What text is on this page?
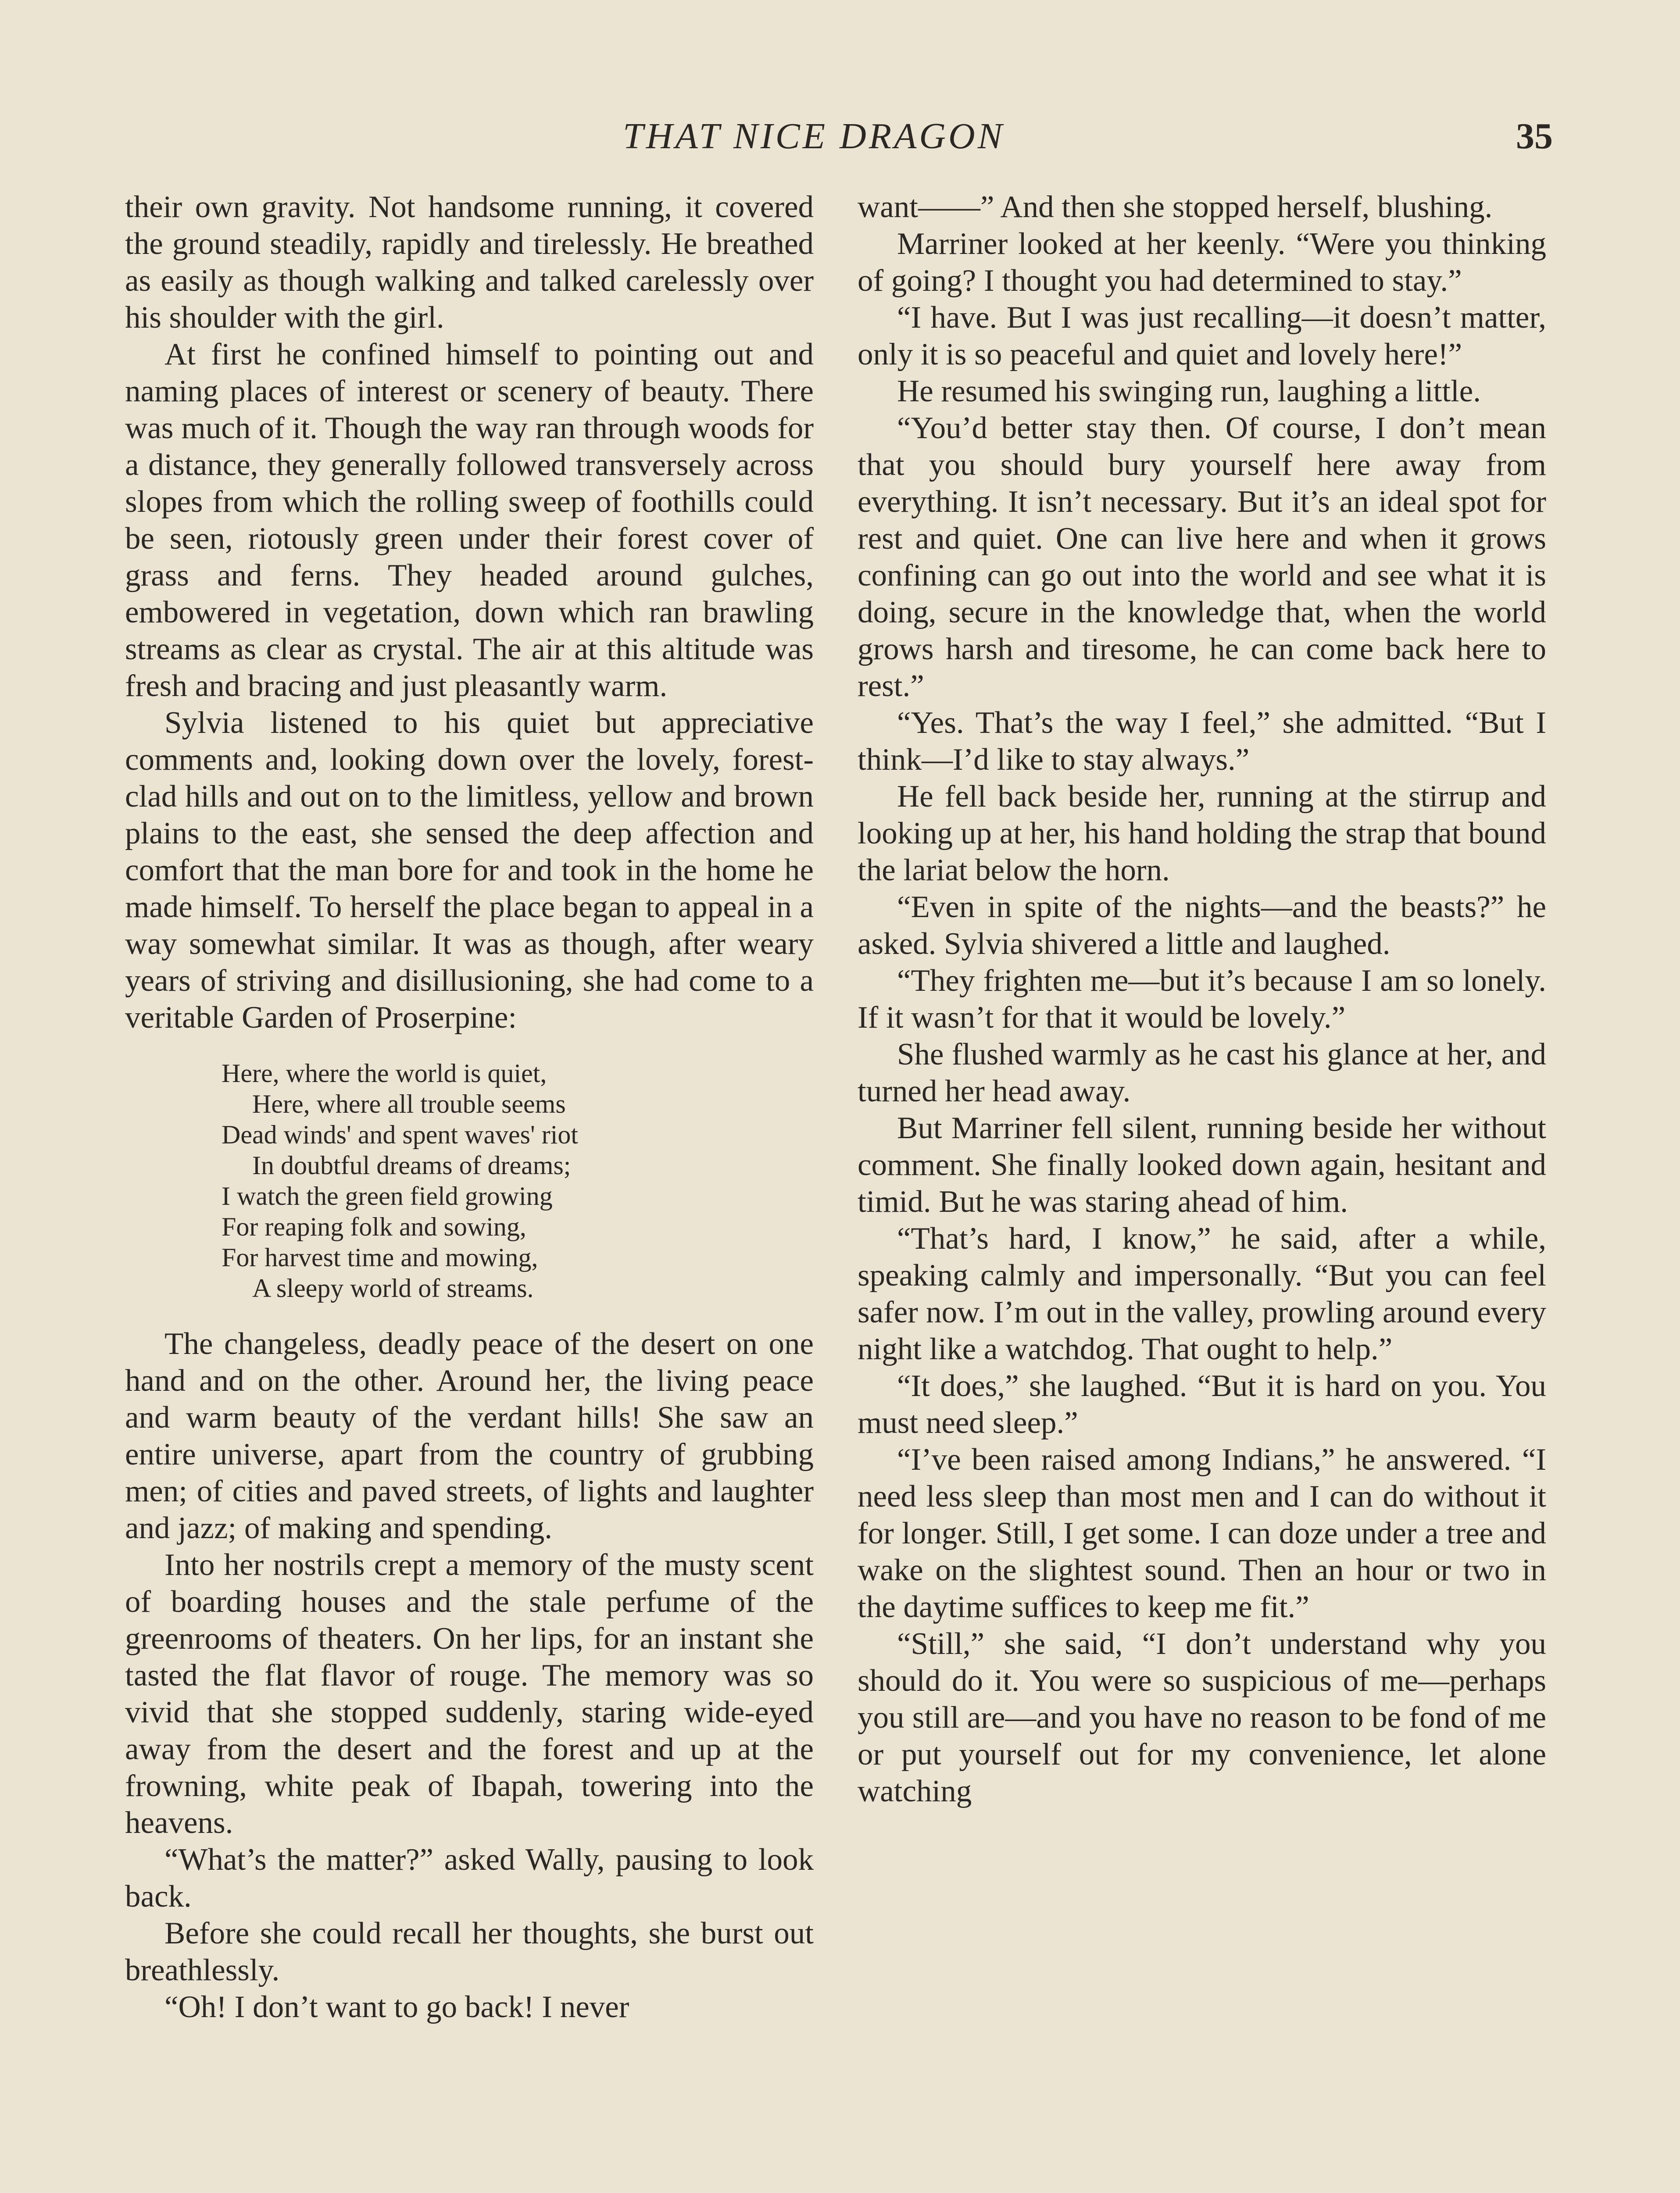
THAT NICE DRAGON	35

their own gravity. Not handsome running, it covered the ground steadily, rapidly and tirelessly. He breathed as easily as though walking and talked carelessly over his shoulder with the girl.

At first he confined himself to pointing out and naming places of interest or scenery of beauty. There was much of it. Though the way ran through woods for a distance, they generally followed transversely across slopes from which the rolling sweep of foothills could be seen, riotously green under their forest cover of grass and ferns. They headed around gulches, embowered in vegetation, down which ran brawling streams as clear as crystal. The air at this altitude was fresh and bracing and just pleasantly warm.

Sylvia listened to his quiet but appreciative comments and, looking down over the lovely, forest-clad hills and out on to the limitless, yellow and brown plains to the east, she sensed the deep affection and comfort that the man bore for and took in the home he made himself. To herself the place began to appeal in a way somewhat similar. It was as though, after weary years of striving and disillusioning, she had come to a veritable Garden of Proserpine:

Here, where the world is quiet,
Here, where all trouble seems
Dead winds' and spent waves' riot
In doubtful dreams of dreams;
I watch the green field growing
For reaping folk and sowing,
For harvest time and mowing,
A sleepy world of streams.

The changeless, deadly peace of the desert on one hand and on the other. Around her, the living peace and warm beauty of the verdant hills! She saw an entire universe, apart from the country of grubbing men; of cities and paved streets, of lights and laughter and jazz; of making and spending.

Into her nostrils crept a memory of the musty scent of boarding houses and the stale perfume of the greenrooms of theaters. On her lips, for an instant she tasted the flat flavor of rouge. The memory was so vivid that she stopped suddenly, staring wide-eyed away from the desert and the forest and up at the frowning, white peak of Ibapah, towering into the heavens.

“What’s the matter?” asked Wally, pausing to look back.

Before she could recall her thoughts, she burst out breathlessly.

“Oh! I don’t want to go back! I never

want——” And then she stopped herself, blushing.

Marriner looked at her keenly. “Were you thinking of going? I thought you had determined to stay.”

“I have. But I was just recalling—it doesn’t matter, only it is so peaceful and quiet and lovely here!”

He resumed his swinging run, laughing a little.

“You’d better stay then. Of course, I don’t mean that you should bury yourself here away from everything. It isn’t necessary. But it’s an ideal spot for rest and quiet. One can live here and when it grows confining can go out into the world and see what it is doing, secure in the knowledge that, when the world grows harsh and tiresome, he can come back here to rest.”

“Yes. That’s the way I feel,” she admitted. “But I think—I’d like to stay always.”

He fell back beside her, running at the stirrup and looking up at her, his hand holding the strap that bound the lariat below the horn.

“Even in spite of the nights—and the beasts?” he asked. Sylvia shivered a little and laughed.

“They frighten me—but it’s because I am so lonely. If it wasn’t for that it would be lovely.”

She flushed warmly as he cast his glance at her, and turned her head away.

But Marriner fell silent, running beside her without comment. She finally looked down again, hesitant and timid. But he was staring ahead of him.

“That’s hard, I know,” he said, after a while, speaking calmly and impersonally. “But you can feel safer now. I’m out in the valley, prowling around every night like a watchdog. That ought to help.”

“It does,” she laughed. “But it is hard on you. You must need sleep.”

“I’ve been raised among Indians,” he answered. “I need less sleep than most men and I can do without it for longer. Still, I get some. I can doze under a tree and wake on the slightest sound. Then an hour or two in the daytime suffices to keep me fit.”

“Still,” she said, “I don’t understand why you should do it. You were so suspicious of me—perhaps you still are—and you have no reason to be fond of me or put yourself out for my convenience, let alone watching
